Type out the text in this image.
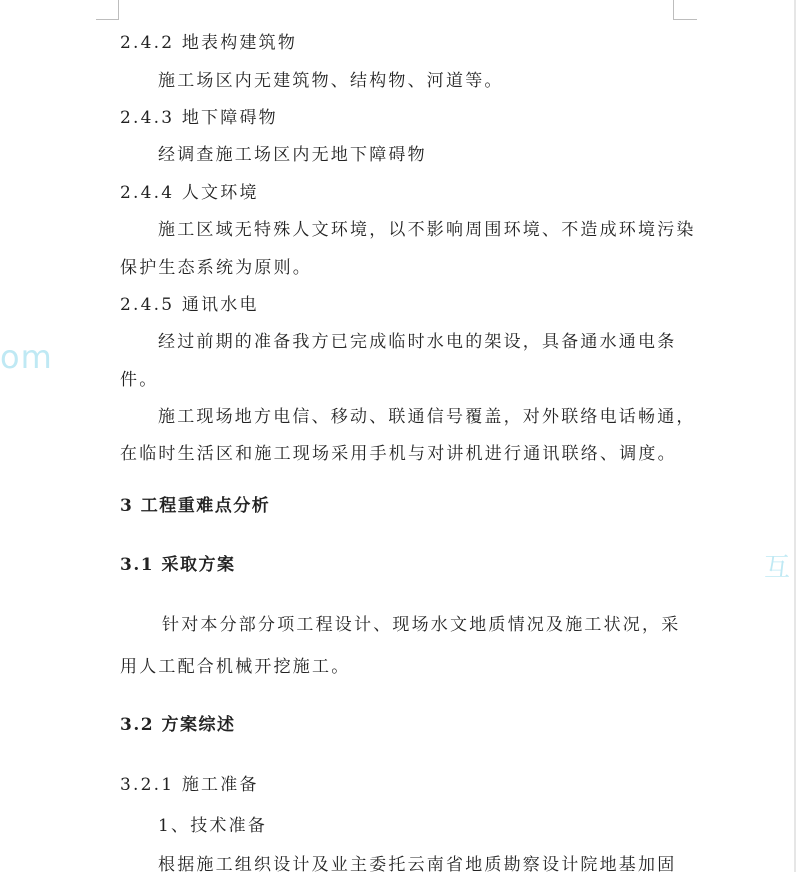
om
互
2.4.2 地表构建筑物
施工场区内无建筑物、结构物、河道等。
2.4.3 地下障碍物
经调查施工场区内无地下障碍物
2.4.4 人文环境
施工区域无特殊人文环境，以不影响周围环境、不造成环境污染
保护生态系统为原则。
2.4.5 通讯水电
经过前期的准备我方已完成临时水电的架设，具备通水通电条
件。
施工现场地方电信、移动、联通信号覆盖，对外联络电话畅通，
在临时生活区和施工现场采用手机与对讲机进行通讯联络、调度。
3 工程重难点分析
3.1 采取方案
针对本分部分项工程设计、现场水文地质情况及施工状况，采
用人工配合机械开挖施工。
3.2 方案综述
3.2.1 施工准备
1、技术准备
根据施工组织设计及业主委托云南省地质勘察设计院地基加固
